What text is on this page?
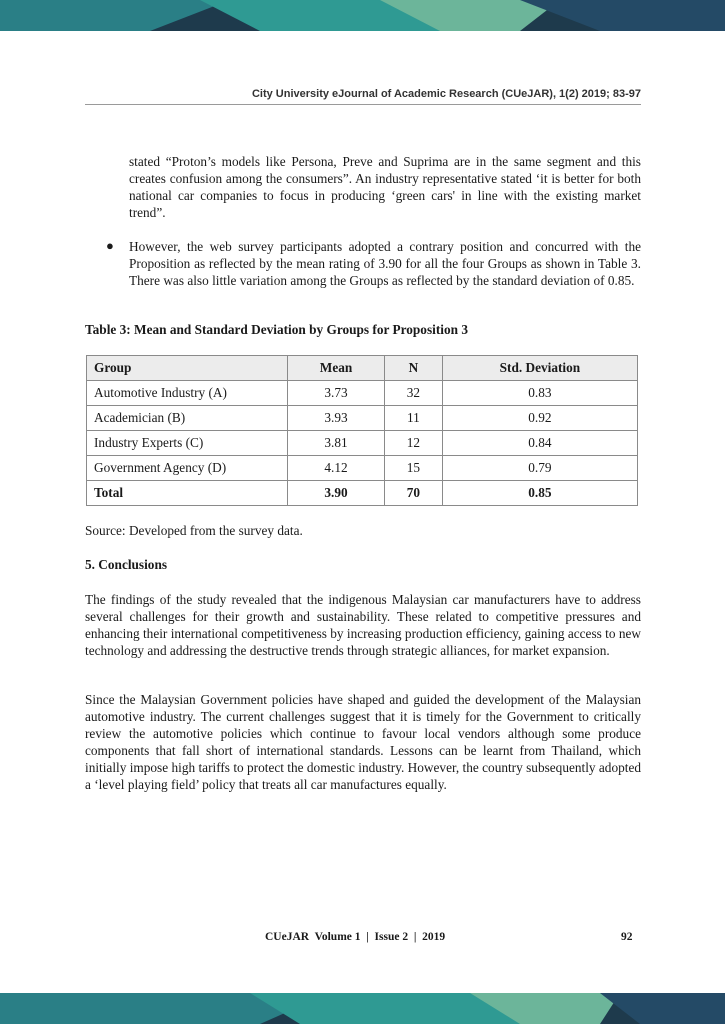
City University eJournal of Academic Research (CUeJAR), 1(2) 2019; 83-97

stated “Proton’s models like Persona, Preve and Suprima are in the same segment and this creates confusion among the consumers”. An industry representative stated ‘it is better for both national car companies to focus in producing ‘green cars' in line with the existing market trend”.

● However, the web survey participants adopted a contrary position and concurred with the Proposition as reflected by the mean rating of 3.90 for all the four Groups as shown in Table 3. There was also little variation among the Groups as reflected by the standard deviation of 0.85.

Table 3: Mean and Standard Deviation by Groups for Proposition 3
Group	Mean	N	Std. Deviation
Automotive Industry (A)	3.73	32	0.83
Academician (B)	3.93	11	0.92
Industry Experts (C)	3.81	12	0.84
Government Agency (D)	4.12	15	0.79
Total	3.90	70	0.85
Source: Developed from the survey data.
5. Conclusions

The findings of the study revealed that the indigenous Malaysian car manufacturers have to address several challenges for their growth and sustainability. These related to competitive pressures and enhancing their international competitiveness by increasing production efficiency, gaining access to new technology and addressing the destructive trends through strategic alliances, for market expansion.

Since the Malaysian Government policies have shaped and guided the development of the Malaysian automotive industry. The current challenges suggest that it is timely for the Government to critically review the automotive policies which continue to favour local vendors although some produce components that fall short of international standards. Lessons can be learnt from Thailand, which initially impose high tariffs to protect the domestic industry. However, the country subsequently adopted a ‘level playing field’ policy that treats all car manufactures equally.

CUeJAR  Volume 1  |  Issue 2  |  2019	92
